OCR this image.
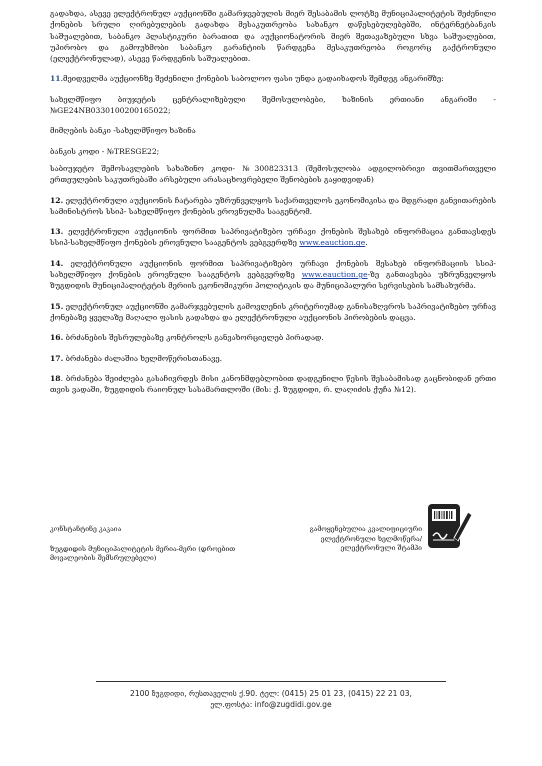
გადახდა, ასევე ელექტრონულ აუქციონში გამარჯვებულის მიერ შესაბამის ლოტზე მუნიციპალიტეტის შეძენილი ქონების სრული ღირებულების გადახდა მესაკუთრეობა სახანკო დაწესებულებებში, ინტერნეტბანკის საშუალებით, საბანკო პლასტიკური ბარათით და აუქციონატორის მიერ შეთავაზებული სხვა საშუალებით, უპირობო და გამოუხმობი საბანკო გარანტიის წარდგენა მესაკუთრეობა როგორც გაქტრონული (ელექტრონულად), ასევე წარდგენის საშუალებით.

11.მეიდველმა აუქციონზე შეძენილი ქონების საბოლოო ფასი უნდა გადაიხადოს შემდეგ ანგარიშზე:

სახელმწიფო ბიუჯეტის ცენტრალიზებული შემოსულობები, ხაზინის ერთიანი ანგარიში - №GE24NB0330100200165022;

მიმღების ბანკი -სახელმწიფო ხაზინა

ბანკის კოდი - №TRESGE22;

საბიუჯეტო შემოსავლების სახაზინო კოდი- №300823313 (შემოსულობა ადგილობრივი თვითმართველი ერთეულების საკუთრებაში არსებული არასაცხოვრებელი შენობების გაყიდვიდან)

12. ელექტრონული აუქციონის ჩატარება უზრუნველყოს საქართველოს ეკონომიკისა და მდგრადი განვითარების სამინისტროს სსიპ- სახელმწიფო ქონების ეროვნულმა სააგენტომ.

13. ელექტრონული აუქციონის ფორმით საპრივატიზებო ურჩავი ქონების შესახებ ინფორმაცია განთავსდეს სსიპ-სახელმწიფო ქონების ეროვნული სააგენტოს ვებგვერდზე www.eauction.ge.

14. ელექტრონული აუქციონის ფორმით საპრივატიზებო ურჩავი ქონების შესახებ ინფორმაციის სსიპ-სახელმწიფო ქონების ეროვნული სააგენტოს ვებგვერდზე www.eauction.ge-ზე განთავსება უზრუნველყოს ზუგდიდის მუნიციპალიტეტის მერიის ეკონომიკური პოლიტიკის და მუნიციპალური სერვისების სამსახურმა.

15. ელექტრონულ აუქციონში გამარჯვებულის გამოვლენის კრიტერიუმად განისაზღვროს საპრივატიზებო ურჩავ ქონებაზე ყველაზე მაღალი ფასის გადახდა და ელექტრონული აუქციონის პირობების დაცვა.

16. ბრძანების შესრულებაზე კონტროლს განვახორციელებ პირადად.

17. ბრძანება ძალაშია ხელმოწერისთანავე.

18. ბრძანება შეიძლება გასაჩივრდეს მისი კანონმდებლობით დადგენილი წესის შესაბამისად გაცნობიდან ერთი თვის ვადაში, ზუგდიდის რაიონულ სასამართლოში (მის: ქ. ზუგდიდი, რ. ლაღიძის ქუჩა №12).

კონსტანტინე კაკაია
ზუგდიდის მუნიციპალიტეტის მერია-მერი (დროებით
მოვალეობის შემსრულებელი)
გამოყენებულია კვალიფიციური
ელექტრონული ხელმოწერა/
ელექტრონული შტამპი
2100 ზუგდიდი, რუსთაველის ქ.90. ტელ: (0415) 25 01 23, (0415) 22 21 03,
ელ.ფოსტა: info@zugdidi.gov.ge
